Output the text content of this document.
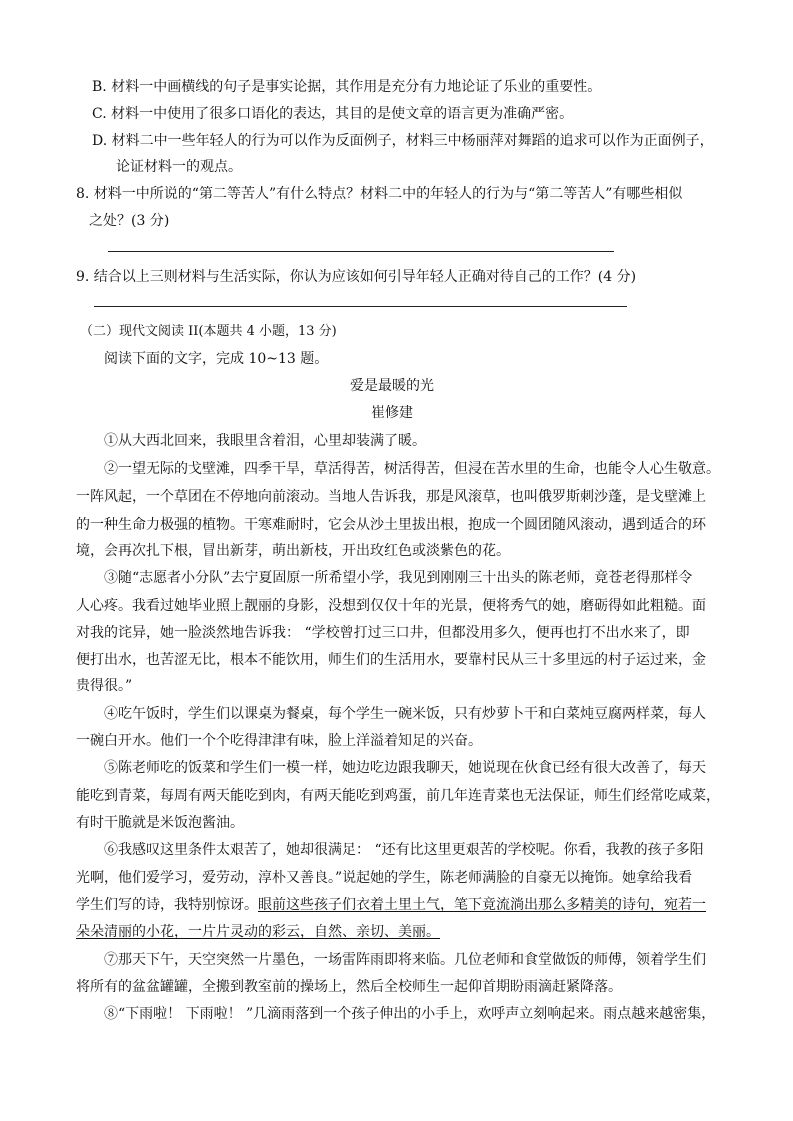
B. 材料一中画横线的句子是事实论据，其作用是充分有力地论证了乐业的重要性。
C. 材料一中使用了很多口语化的表达，其目的是使文章的语言更为准确严密。
D. 材料二中一些年轻人的行为可以作为反面例子，材料三中杨丽萍对舞蹈的追求可以作为正面例子，
论证材料一的观点。
8. 材料一中所说的“第二等苦人”有什么特点？材料二中的年轻人的行为与“第二等苦人”有哪些相似
之处？(3 分)
9. 结合以上三则材料与生活实际，你认为应该如何引导年轻人正确对待自己的工作？(4 分)
（二）现代文阅读 II(本题共 4 小题，13 分)
阅读下面的文字，完成 10~13 题。
爱是最暖的光
崔修建
①从大西北回来，我眼里含着泪，心里却装满了暖。
②一望无际的戈壁滩，四季干旱，草活得苦，树活得苦，但浸在苦水里的生命，也能令人心生敬意。
一阵风起，一个草团在不停地向前滚动。当地人告诉我，那是风滚草，也叫俄罗斯刺沙蓬，是戈壁滩上
的一种生命力极强的植物。干寒难耐时，它会从沙土里拔出根，抱成一个圆团随风滚动，遇到适合的环
境，会再次扎下根，冒出新芽，萌出新枝，开出玫红色或淡紫色的花。
③随“志愿者小分队”去宁夏固原一所希望小学，我见到刚刚三十出头的陈老师，竟苍老得那样令
人心疼。我看过她毕业照上靓丽的身影，没想到仅仅十年的光景，便将秀气的她，磨砺得如此粗糙。面
对我的诧异，她一脸淡然地告诉我： “学校曾打过三口井，但都没用多久，便再也打不出水来了，即
便打出水，也苦涩无比，根本不能饮用，师生们的生活用水，要靠村民从三十多里远的村子运过来，金
贵得很。”
④吃午饭时，学生们以课桌为餐桌，每个学生一碗米饭，只有炒萝卜干和白菜炖豆腐两样菜，每人
一碗白开水。他们一个个吃得津津有味，脸上洋溢着知足的兴奋。
⑤陈老师吃的饭菜和学生们一模一样，她边吃边跟我聊天，她说现在伙食已经有很大改善了，每天
能吃到青菜，每周有两天能吃到肉，有两天能吃到鸡蛋，前几年连青菜也无法保证，师生们经常吃咸菜，
有时干脆就是米饭泡酱油。
⑥我感叹这里条件太艰苦了，她却很满足： “还有比这里更艰苦的学校呢。你看，我教的孩子多阳
光啊，他们爱学习，爱劳动，淳朴又善良。”说起她的学生，陈老师满脸的自豪无以掩饰。她拿给我看
学生们写的诗，我特别惊讶。眼前这些孩子们衣着土里土气，笔下竟流淌出那么多精美的诗句，宛若一
朵朵清丽的小花，一片片灵动的彩云，自然、亲切、美丽。
⑦那天下午，天空突然一片墨色，一场雷阵雨即将来临。几位老师和食堂做饭的师傅，领着学生们
将所有的盆盆罐罐，全搬到教室前的操场上，然后全校师生一起仰首期盼雨滴赶紧降落。
⑧“下雨啦！ 下雨啦！ ”几滴雨落到一个孩子伸出的小手上，欢呼声立刻响起来。雨点越来越密集，
